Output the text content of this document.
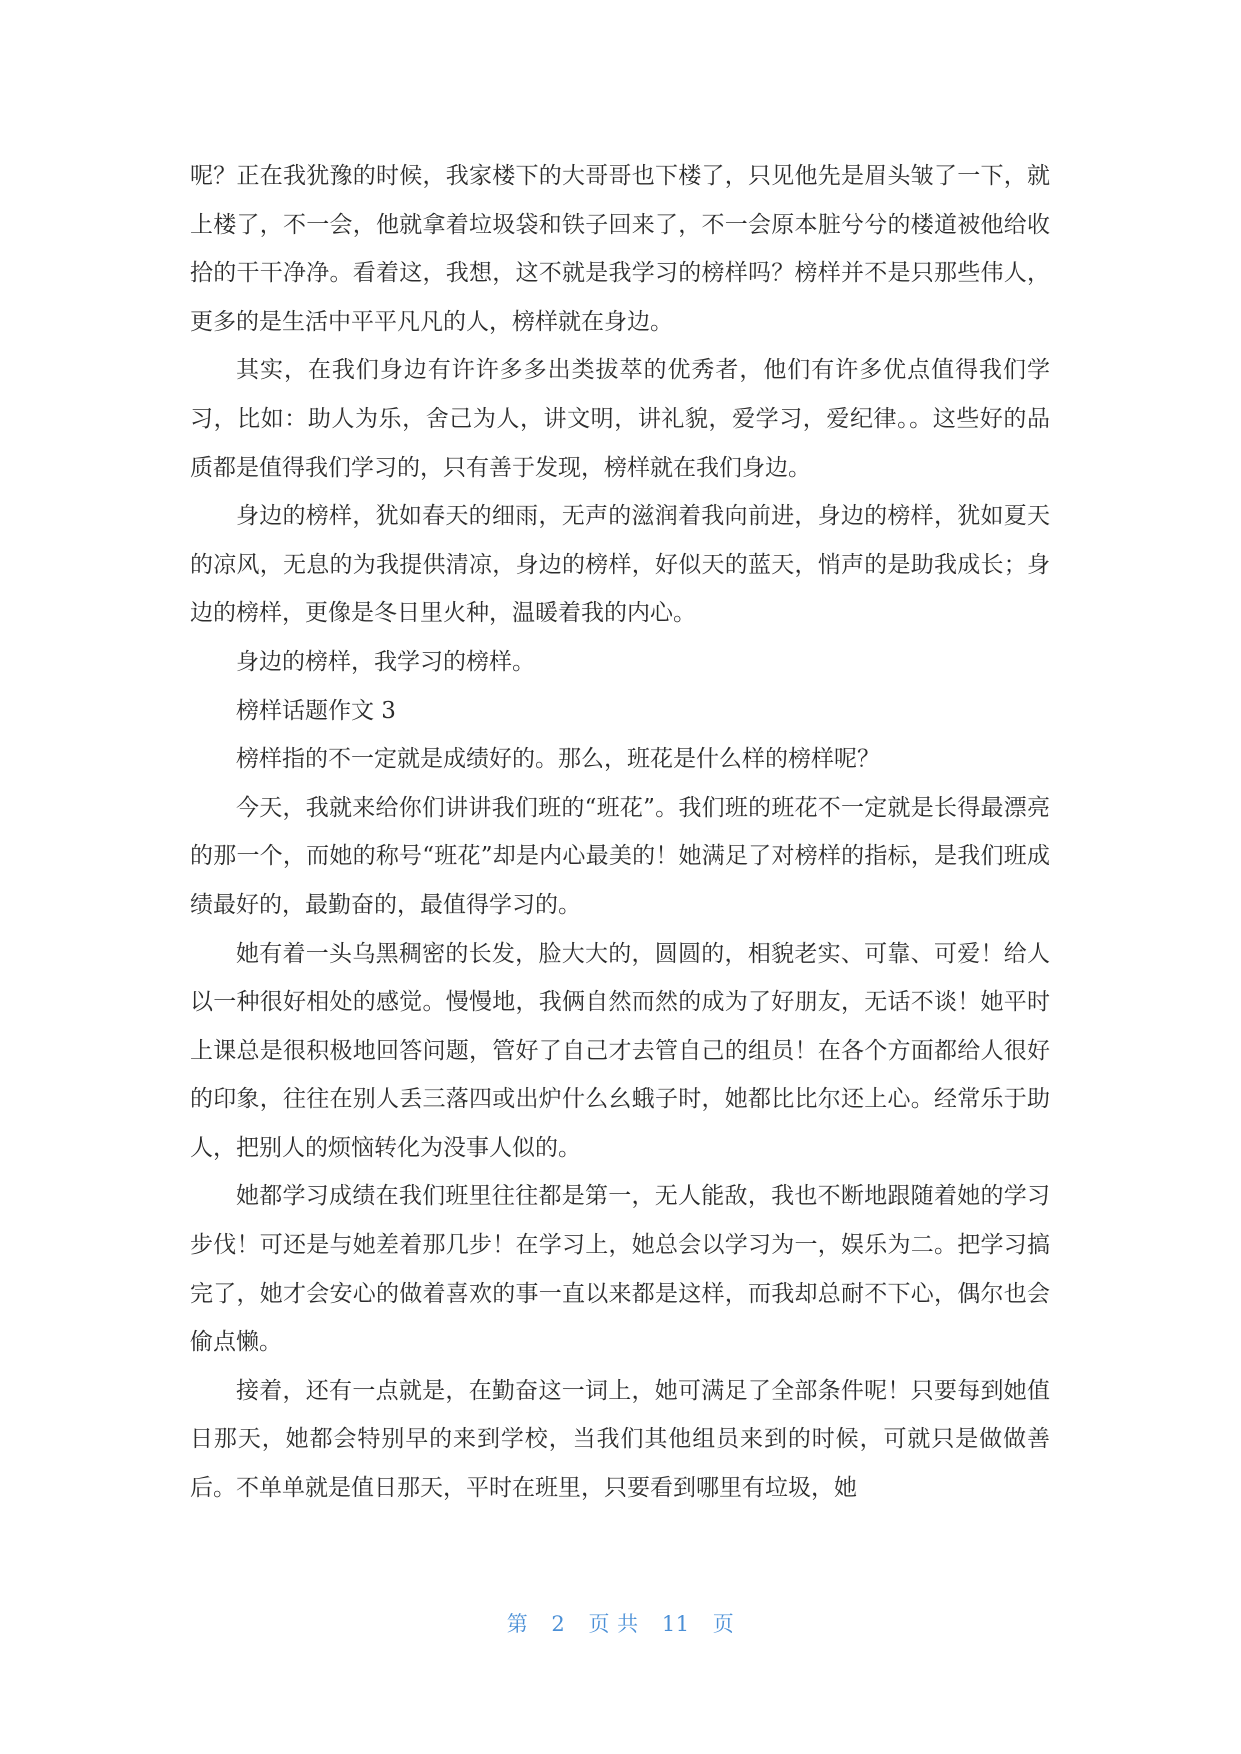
呢？正在我犹豫的时候，我家楼下的大哥哥也下楼了，只见他先是眉头皱了一下，就上楼了，不一会，他就拿着垃圾袋和铁子回来了，不一会原本脏兮兮的楼道被他给收拾的干干净净。看着这，我想，这不就是我学习的榜样吗？榜样并不是只那些伟人，更多的是生活中平平凡凡的人，榜样就在身边。

其实，在我们身边有许许多多出类拔萃的优秀者，他们有许多优点值得我们学习，比如：助人为乐，舍己为人，讲文明，讲礼貌，爱学习，爱纪律。。这些好的品质都是值得我们学习的，只有善于发现，榜样就在我们身边。

身边的榜样，犹如春天的细雨，无声的滋润着我向前进，身边的榜样，犹如夏天的凉风，无息的为我提供清凉，身边的榜样，好似天的蓝天，悄声的是助我成长；身边的榜样，更像是冬日里火种，温暖着我的内心。

身边的榜样，我学习的榜样。

榜样话题作文 3

榜样指的不一定就是成绩好的。那么，班花是什么样的榜样呢？

今天，我就来给你们讲讲我们班的“班花”。我们班的班花不一定就是长得最漂亮的那一个，而她的称号“班花”却是内心最美的！她满足了对榜样的指标，是我们班成绩最好的，最勤奋的，最值得学习的。

她有着一头乌黑稠密的长发，脸大大的，圆圆的，相貌老实、可靠、可爱！给人以一种很好相处的感觉。慢慢地，我俩自然而然的成为了好朋友，无话不谈！她平时上课总是很积极地回答问题，管好了自己才去管自己的组员！在各个方面都给人很好的印象，往往在别人丢三落四或出炉什么幺蛾子时，她都比比尔还上心。经常乐于助人，把别人的烦恼转化为没事人似的。

她都学习成绩在我们班里往往都是第一，无人能敌，我也不断地跟随着她的学习步伐！可还是与她差着那几步！在学习上，她总会以学习为一，娱乐为二。把学习搞完了，她才会安心的做着喜欢的事一直以来都是这样，而我却总耐不下心，偶尔也会偷点懒。

接着，还有一点就是，在勤奋这一词上，她可满足了全部条件呢！只要每到她值日那天，她都会特别早的来到学校，当我们其他组员来到的时候，可就只是做做善后。不单单就是值日那天，平时在班里，只要看到哪里有垃圾，她

第 2 页 共 11 页
